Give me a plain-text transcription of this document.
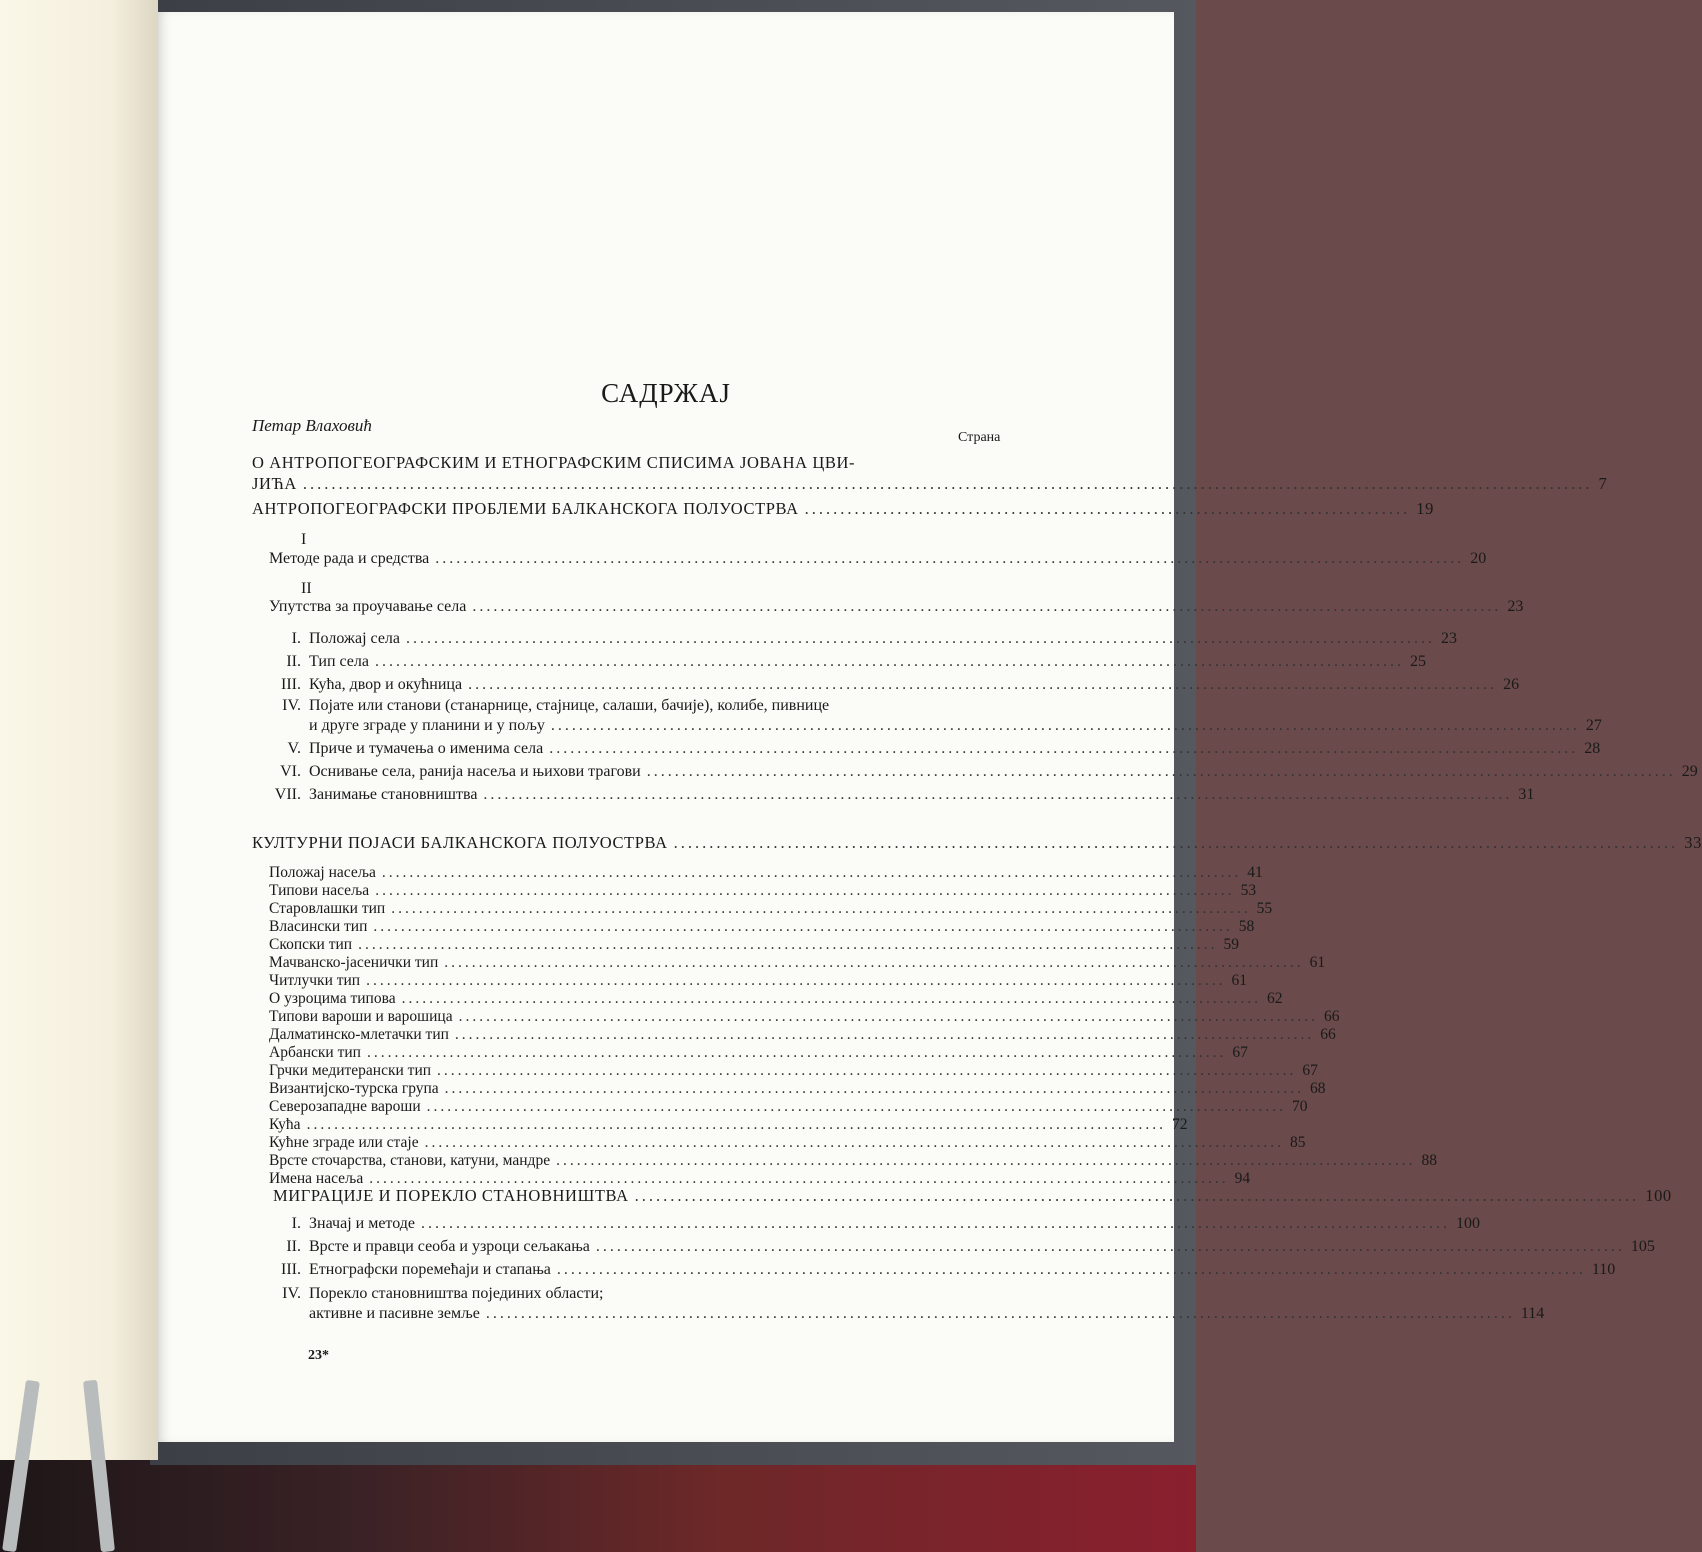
САДРЖАЈ
Петар Влаховић
Страна
О АНТРОПОГЕОГРАФСКИМ И ЕТНОГРАФСКИМ СПИСИМА ЈОВАНА ЦВИ-
ЈИЋА ..................................................................................................................................................................................... 7
АНТРОПОГЕОГРАФСКИ ПРОБЛЕМИ БАЛКАНСКОГА ПОЛУОСТРВА ..................................................................................... 19
I
Методе рада и средства ................................................................................................................................................... 20
II
Упутства за проучавање села ................................................................................................................................................... 23
I. Положај села ................................................................................................................................................... 23
II. Тип села ................................................................................................................................................... 25
III. Кућа, двор и окућница ................................................................................................................................................... 26
IV. Појате или станови (станарнице, стајнице, салаши, бачије), колибе, пивнице
и друге зграде у планини и у пољу ................................................................................................................................................... 27
V. Приче и тумачења о именима села ................................................................................................................................................... 28
VI. Оснивање села, ранија насеља и њихови трагови ................................................................................................................................................... 29
VII. Занимање становништва ................................................................................................................................................... 31
КУЛТУРНИ ПОЈАСИ БАЛКАНСКОГА ПОЛУОСТРВА ............................................................................................................................................. 33
Положај насеља ............................................................................................................................. 41
Типови насеља ............................................................................................................................. 53
Старовлашки тип ............................................................................................................................. 55
Власински тип ............................................................................................................................. 58
Скопски тип ............................................................................................................................. 59
Мачванско-јасенички тип ............................................................................................................................. 61
Читлучки тип ............................................................................................................................. 61
О узроцима типова ............................................................................................................................. 62
Типови вароши и варошица ............................................................................................................................. 66
Далматинско-млетачки тип ............................................................................................................................. 66
Арбански тип ............................................................................................................................. 67
Грчки медитерански тип ............................................................................................................................. 67
Византијско-турска група ............................................................................................................................. 68
Северозападне вароши ............................................................................................................................. 70
Кућа ............................................................................................................................. 72
Кућне зграде или стаје ............................................................................................................................. 85
Врсте сточарства, станови, катуни, мандре ............................................................................................................................. 88
Имена насеља ............................................................................................................................. 94
МИГРАЦИЈЕ И ПОРЕКЛО СТАНОВНИШТВА ............................................................................................................................................. 100
I. Значај и методе ................................................................................................................................................... 100
II. Врсте и правци сеоба и узроци сељакања ................................................................................................................................................... 105
III. Етнографски поремећаји и стапања ................................................................................................................................................... 110
IV. Порекло становништва појединих области;
активне и пасивне земље ................................................................................................................................................... 114
23*
